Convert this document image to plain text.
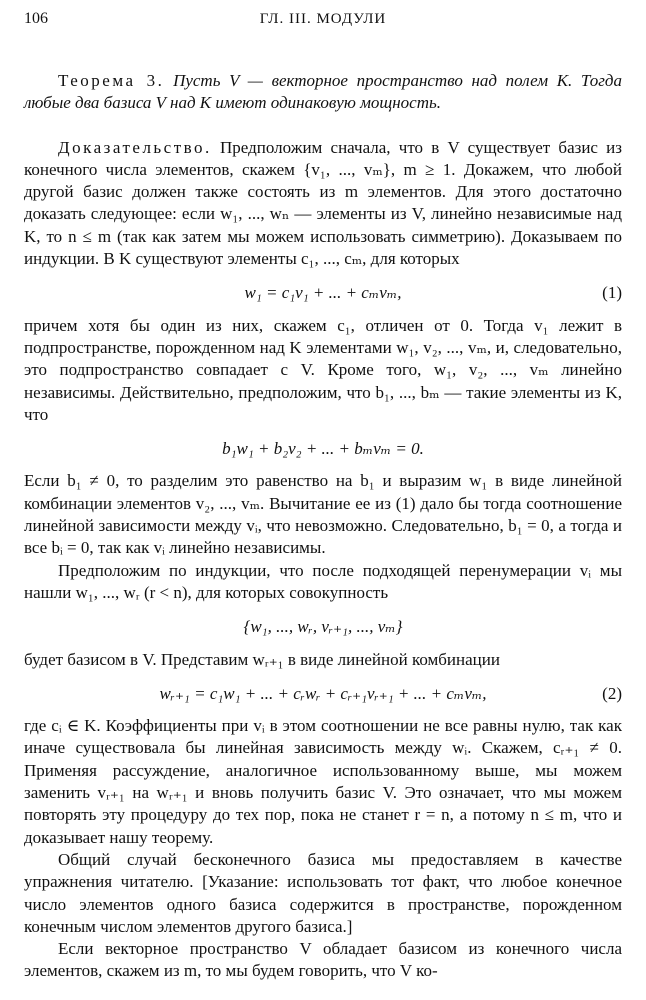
106	ГЛ. III. МОДУЛИ

Теорема 3. Пусть V — векторное пространство над полем K. Тогда любые два базиса V над K имеют одинаковую мощность.

Доказательство. Предположим сначала, что в V существует базис из конечного числа элементов, скажем {v₁, ..., vₘ}, m ≥ 1. Докажем, что любой другой базис должен также состоять из m элементов. Для этого достаточно доказать следующее: если w₁, ..., wₙ — элементы из V, линейно независимые над K, то n ≤ m (так как затем мы можем использовать симметрию). Доказываем по индукции. В K существуют элементы c₁, ..., cₘ, для которых

w₁ = c₁v₁ + ... + cₘvₘ,	(1)

причем хотя бы один из них, скажем c₁, отличен от 0. Тогда v₁ лежит в подпространстве, порожденном над K элементами w₁, v₂, ..., vₘ, и, следовательно, это подпространство совпадает с V. Кроме того, w₁, v₂, ..., vₘ линейно независимы. Действительно, предположим, что b₁, ..., bₘ — такие элементы из K, что

b₁w₁ + b₂v₂ + ... + bₘvₘ = 0.

Если b₁ ≠ 0, то разделим это равенство на b₁ и выразим w₁ в виде линейной комбинации элементов v₂, ..., vₘ. Вычитание ее из (1) дало бы тогда соотношение линейной зависимости между vᵢ, что невозможно. Следовательно, b₁ = 0, а тогда и все bᵢ = 0, так как vᵢ линейно независимы.

Предположим по индукции, что после подходящей перенумерации vᵢ мы нашли w₁, ..., wᵣ (r < n), для которых совокупность

{w₁, ..., wᵣ, vᵣ₊₁, ..., vₘ}

будет базисом в V. Представим wᵣ₊₁ в виде линейной комбинации

wᵣ₊₁ = c₁w₁ + ... + cᵣwᵣ + cᵣ₊₁vᵣ₊₁ + ... + cₘvₘ,	(2)

где cᵢ ∈ K. Коэффициенты при vᵢ в этом соотношении не все равны нулю, так как иначе существовала бы линейная зависимость между wᵢ. Скажем, cᵣ₊₁ ≠ 0. Применяя рассуждение, аналогичное использованному выше, мы можем заменить vᵣ₊₁ на wᵣ₊₁ и вновь получить базис V. Это означает, что мы можем повторять эту процедуру до тех пор, пока не станет r = n, а потому n ≤ m, что и доказывает нашу теорему.

Общий случай бесконечного базиса мы предоставляем в качестве упражнения читателю. [Указание: использовать тот факт, что любое конечное число элементов одного базиса содержится в пространстве, порожденном конечным числом элементов другого базиса.]

Если векторное пространство V обладает базисом из конечного числа элементов, скажем из m, то мы будем говорить, что V ко-
